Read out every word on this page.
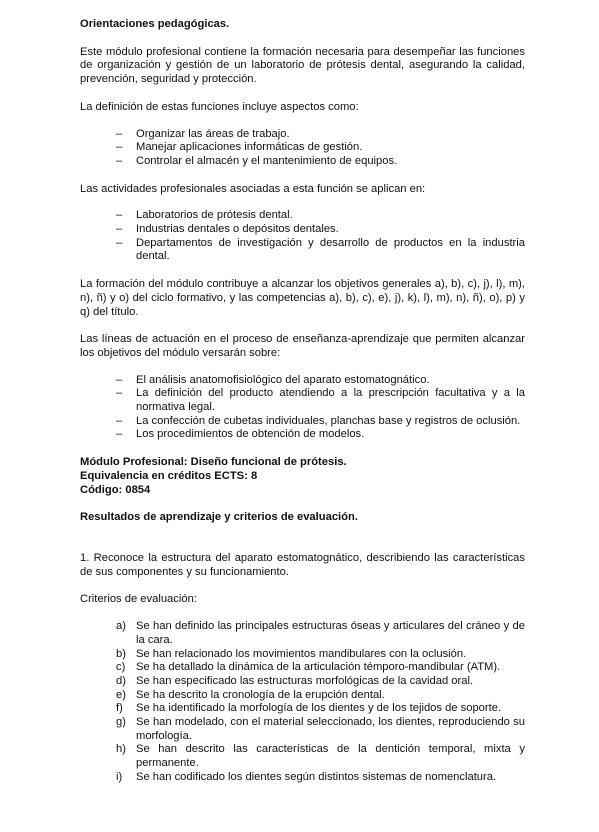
Orientaciones pedagógicas.

Este módulo profesional contiene la formación necesaria para desempeñar las funciones de organización y gestión de un laboratorio de prótesis dental, asegurando la calidad, prevención, seguridad y protección.

La definición de estas funciones incluye aspectos como:

– Organizar las áreas de trabajo.
– Manejar aplicaciones informáticas de gestión.
– Controlar el almacén y el mantenimiento de equipos.

Las actividades profesionales asociadas a esta función se aplican en:

– Laboratorios de prótesis dental.
– Industrias dentales o depósitos dentales.
– Departamentos de investigación y desarrollo de productos en la industria dental.

La formación del módulo contribuye a alcanzar los objetivos generales a), b), c), j), l), m), n), ñ) y o) del ciclo formativo, y las competencias a), b), c), e), j), k), l), m), n), ñ), o), p) y q) del título.

Las líneas de actuación en el proceso de enseñanza-aprendizaje que permiten alcanzar los objetivos del módulo versarán sobre:

– El análisis anatomofisiológico del aparato estomatognático.
– La definición del producto atendiendo a la prescripción facultativa y a la normativa legal.
– La confección de cubetas individuales, planchas base y registros de oclusión.
– Los procedimientos de obtención de modelos.

Módulo Profesional: Diseño funcional de prótesis.

Equivalencia en créditos ECTS: 8

Código: 0854

Resultados de aprendizaje y criterios de evaluación.

1. Reconoce la estructura del aparato estomatognático, describiendo las características de sus componentes y su funcionamiento.

Criterios de evaluación:

a) Se han definido las principales estructuras óseas y articulares del cráneo y de la cara.
b) Se han relacionado los movimientos mandibulares con la oclusión.
c) Se ha detallado la dinámica de la articulación témporo-mandibular (ATM).
d) Se han especificado las estructuras morfológicas de la cavidad oral.
e) Se ha descrito la cronología de la erupción dental.
f) Se ha identificado la morfología de los dientes y de los tejidos de soporte.
g) Se han modelado, con el material seleccionado, los dientes, reproduciendo su morfología.
h) Se han descrito las características de la dentición temporal, mixta y permanente.
i) Se han codificado los dientes según distintos sistemas de nomenclatura.
